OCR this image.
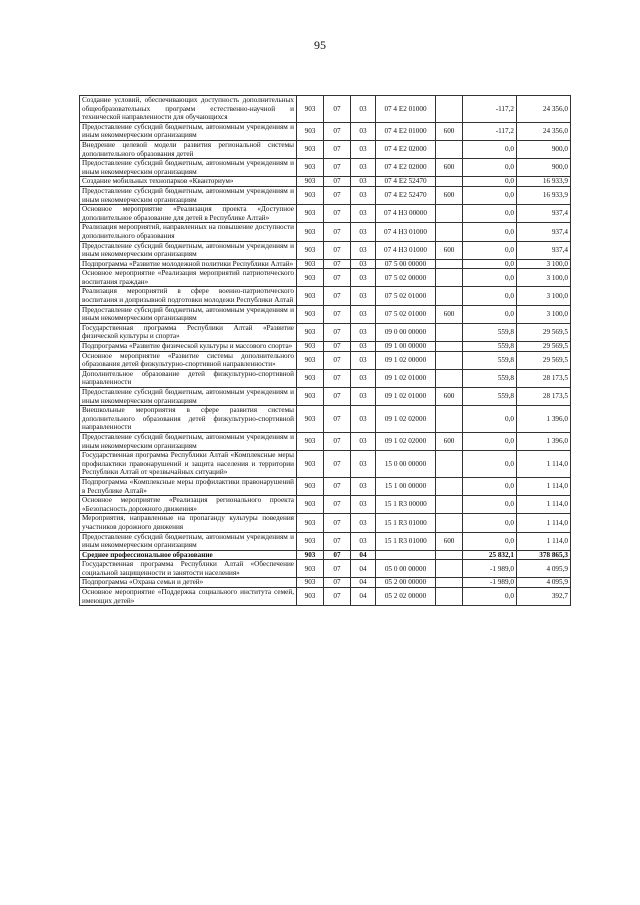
95
Создание условий, обеспечивающих доступность дополнительных общеобразовательных программ естественно-научной и технической направленности для обучающихся	903	07	03	07 4 E2 01000		-117,2	24 356,0
Предоставление субсидий бюджетным, автономным учреждениям и иным некоммерческим организациям	903	07	03	07 4 E2 01000	600	-117,2	24 356,0
Внедрение целевой модели развития региональной системы дополнительного образования детей	903	07	03	07 4 E2 02000		0,0	900,0
Предоставление субсидий бюджетным, автономным учреждениям и иным некоммерческим организациям	903	07	03	07 4 E2 02000	600	0,0	900,0
Создание мобильных технопарков «Кванториум»	903	07	03	07 4 E2 52470		0,0	16 933,9
Предоставление субсидий бюджетным, автономным учреждениям и иным некоммерческим организациям	903	07	03	07 4 E2 52470	600	0,0	16 933,9
Основное мероприятие «Реализация проекта «Доступное дополнительное образование для детей в Республике Алтай»	903	07	03	07 4 Н3 00000		0,0	937,4
Реализация мероприятий, направленных на повышение доступности дополнительного образования	903	07	03	07 4 Н3 01000		0,0	937,4
Предоставление субсидий бюджетным, автономным учреждениям и иным некоммерческим организациям	903	07	03	07 4 Н3 01000	600	0,0	937,4
Подпрограмма «Развитие молодежной политики Республики Алтай»	903	07	03	07 5 00 00000		0,0	3 100,0
Основное мероприятие «Реализация мероприятий патриотического воспитания граждан»	903	07	03	07 5 02 00000		0,0	3 100,0
Реализация мероприятий в сфере военно-патриотического воспитания и допризывной подготовки молодежи Республики Алтай	903	07	03	07 5 02 01000		0,0	3 100,0
Предоставление субсидий бюджетным, автономным учреждениям и иным некоммерческим организациям	903	07	03	07 5 02 01000	600	0,0	3 100,0
Государственная программа Республики Алтай «Развитие физической культуры и спорта»	903	07	03	09 0 00 00000		559,8	29 569,5
Подпрограмма «Развитие физической культуры и массового спорта»	903	07	03	09 1 00 00000		559,8	29 569,5
Основное мероприятие «Развитие системы дополнительного образования детей физкультурно-спортивной направленности»	903	07	03	09 1 02 00000		559,8	29 569,5
Дополнительное образование детей физкультурно-спортивной направленности	903	07	03	09 1 02 01000		559,8	28 173,5
Предоставление субсидий бюджетным, автономным учреждениям и иным некоммерческим организациям	903	07	03	09 1 02 01000	600	559,8	28 173,5
Внешкольные мероприятия в сфере развития системы дополнительного образования детей физкультурно-спортивной направленности	903	07	03	09 1 02 02000		0,0	1 396,0
Предоставление субсидий бюджетным, автономным учреждениям и иным некоммерческим организациям	903	07	03	09 1 02 02000	600	0,0	1 396,0
Государственная программа Республики Алтай «Комплексные меры профилактики правонарушений и защита населения и территории Республики Алтай от чрезвычайных ситуаций»	903	07	03	15 0 00 00000		0,0	1 114,0
Подпрограмма «Комплексные меры профилактики правонарушений в Республике Алтай»	903	07	03	15 1 00 00000		0,0	1 114,0
Основное мероприятие «Реализация регионального проекта «Безопасность дорожного движения»	903	07	03	15 1 R3 00000		0,0	1 114,0
Мероприятия, направленные на пропаганду культуры поведения участников дорожного движения	903	07	03	15 1 R3 01000		0,0	1 114,0
Предоставление субсидий бюджетным, автономным учреждениям и иным некоммерческим организациям	903	07	03	15 1 R3 01000	600	0,0	1 114,0
Среднее профессиональное образование	903	07	04			25 832,1	378 865,3
Государственная программа Республики Алтай «Обеспечение социальной защищенности и занятости населения»	903	07	04	05 0 00 00000		-1 989,0	4 095,9
Подпрограмма «Охрана семьи и детей»	903	07	04	05 2 00 00000		-1 989,0	4 095,9
Основное мероприятие «Поддержка социального института семей, имеющих детей»	903	07	04	05 2 02 00000		0,0	392,7
